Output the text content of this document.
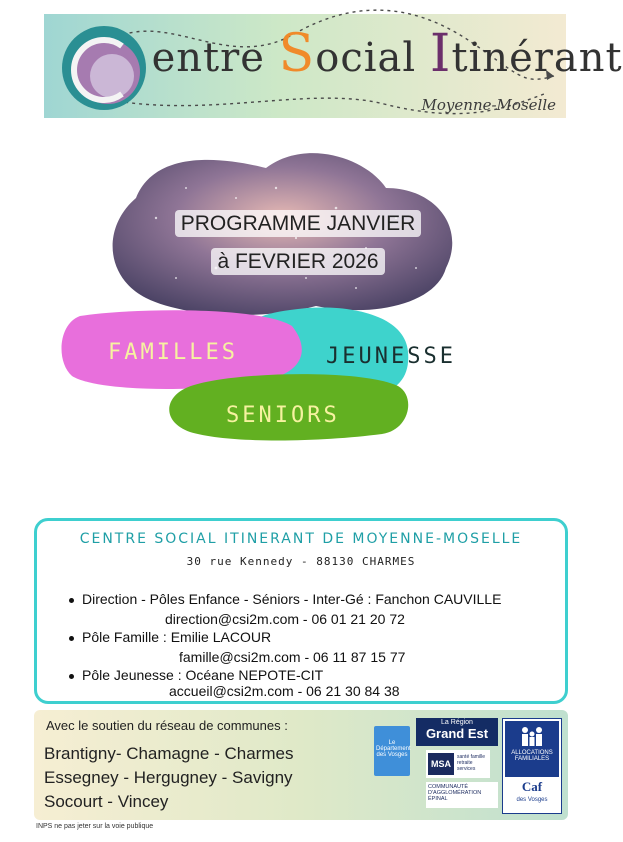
entre Social Itinérant
Moyenne-Moselle
PROGRAMME JANVIER
à FEVRIER 2026
FAMILLES	JEUNESSE
SENIORS
CENTRE SOCIAL ITINERANT DE MOYENNE-MOSELLE
30 rue Kennedy - 88130 CHARMES
Direction - Pôles Enfance - Séniors - Inter-Gé : Fanchon CAUVILLE
direction@csi2m.com - 06 01 21 20 72
Pôle Famille : Emilie LACOUR
famille@csi2m.com - 06 11 87 15 77
Pôle Jeunesse : Océane NEPOTE-CIT
accueil@csi2m.com - 06 21 30 84 38
Avec le soutien du réseau de communes :
Brantigny- Chamagne - Charmes
Essegney - Hergugney - Savigny
Socourt - Vincey
Le Département des Vosges
La Région
Grand Est
MSA
santé famille retraite services
COMMUNAUTÉ D'AGGLOMÉRATION ÉPINAL
ALLOCATIONS FAMILIALES
Caf
des Vosges
INPS ne pas jeter sur la voie publique
